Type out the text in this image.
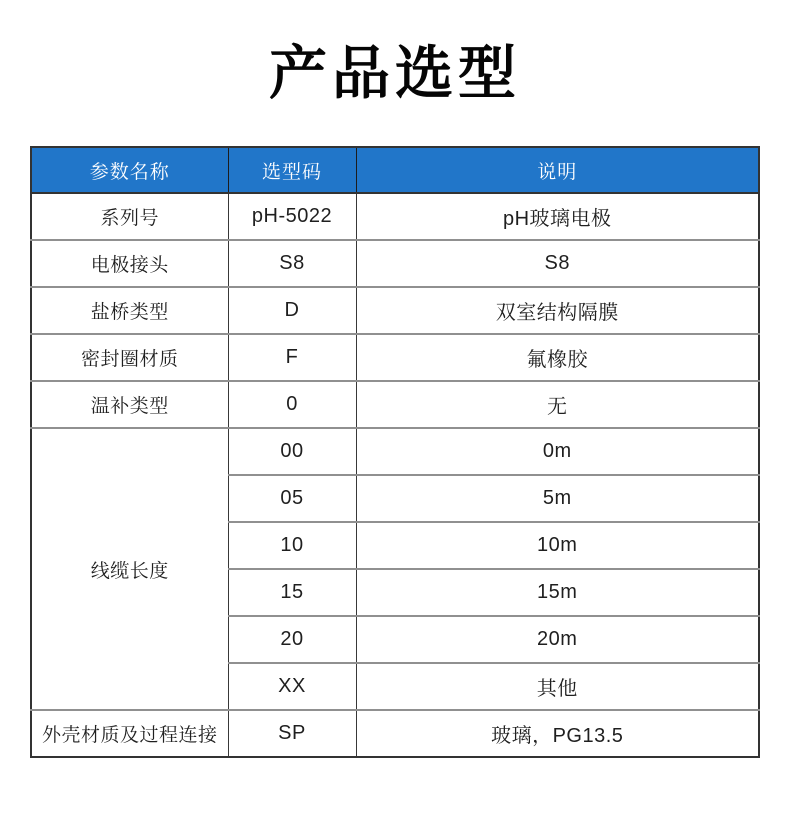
产品选型
参数名称	选型码	说明
系列号	pH-5022	pH玻璃电极
电极接头	S8	S8
盐桥类型	D	双室结构隔膜
密封圈材质	F	氟橡胶
温补类型	0	无
线缆长度	00	0m
	05	5m
	10	10m
	15	15m
	20	20m
	XX	其他
外壳材质及过程连接	SP	玻璃，PG13.5
